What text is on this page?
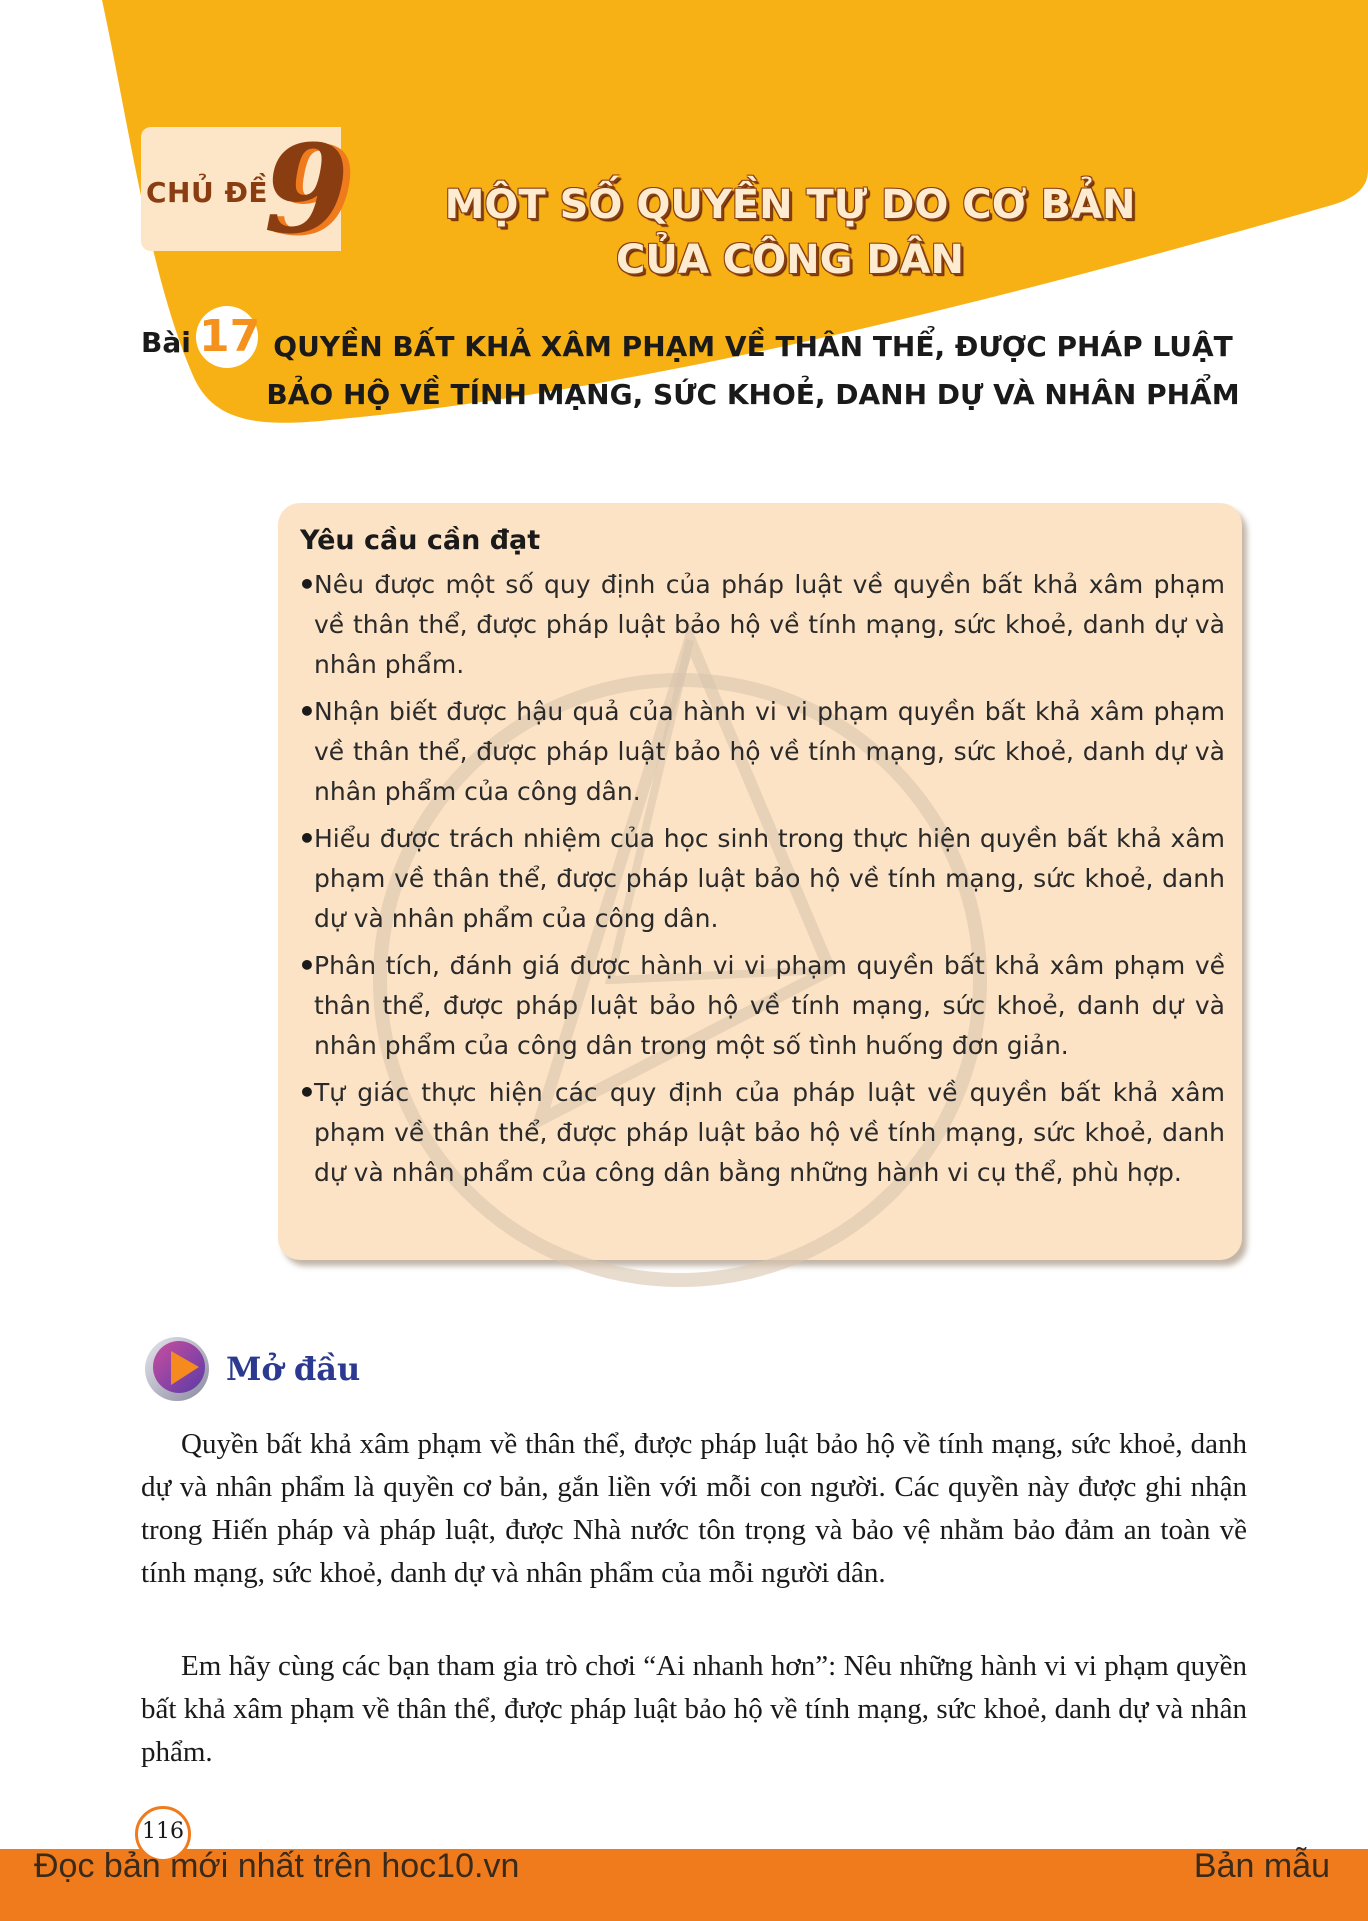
CHỦ ĐỀ
9	MỘT SỐ QUYỀN TỰ DO CƠ BẢN
CỦA CÔNG DÂN
Bài 17 QUYỀN BẤT KHẢ XÂM PHẠM VỀ THÂN THỂ, ĐƯỢC PHÁP LUẬT
BẢO HỘ VỀ TÍNH MẠNG, SỨC KHOẺ, DANH DỰ VÀ NHÂN PHẨM
Yêu cầu cần đạt
•
Nêu được một số quy định của pháp luật về quyền bất khả xâm phạm về thân thể, được pháp luật bảo hộ về tính mạng, sức khoẻ, danh dự và nhân phẩm.
•
Nhận biết được hậu quả của hành vi vi phạm quyền bất khả xâm phạm về thân thể, được pháp luật bảo hộ về tính mạng, sức khoẻ, danh dự và nhân phẩm của công dân.
•
Hiểu được trách nhiệm của học sinh trong thực hiện quyền bất khả xâm phạm về thân thể, được pháp luật bảo hộ về tính mạng, sức khoẻ, danh dự và nhân phẩm của công dân.
•
Phân tích, đánh giá được hành vi vi phạm quyền bất khả xâm phạm về thân thể, được pháp luật bảo hộ về tính mạng, sức khoẻ, danh dự và nhân phẩm của công dân trong một số tình huống đơn giản.
•
Tự giác thực hiện các quy định của pháp luật về quyền bất khả xâm phạm về thân thể, được pháp luật bảo hộ về tính mạng, sức khoẻ, danh dự và nhân phẩm của công dân bằng những hành vi cụ thể, phù hợp.
Mở đầu

Quyền bất khả xâm phạm về thân thể, được pháp luật bảo hộ về tính mạng, sức khoẻ, danh dự và nhân phẩm là quyền cơ bản, gắn liền với mỗi con người. Các quyền này được ghi nhận trong Hiến pháp và pháp luật, được Nhà nước tôn trọng và bảo vệ nhằm bảo đảm an toàn về tính mạng, sức khoẻ, danh dự và nhân phẩm của mỗi người dân.

Em hãy cùng các bạn tham gia trò chơi “Ai nhanh hơn”: Nêu những hành vi vi phạm quyền bất khả xâm phạm về thân thể, được pháp luật bảo hộ về tính mạng, sức khoẻ, danh dự và nhân phẩm.

116
Đọc bản mới nhất trên hoc10.vn	Bản mẫu
